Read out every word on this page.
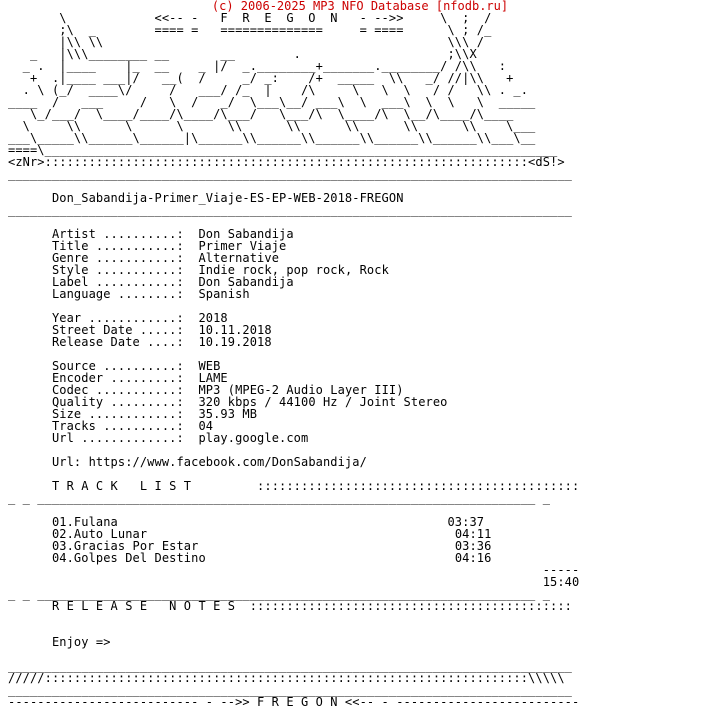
(c) 2006-2025 MP3 NFO Database [nfodb.ru]
\            <<-- -   F  R  E  G  O  N   - -->>     \  ;  /
;\  _        ==== =   ==============     = ====      \ ; /_
|\\ \\                                               \\\ /
_   |\\\________ __       __        .                    ;\\X
_ .  |____    |_  __    _ |/  _.________+_______.________/ /\\   :
+  .|____ ___|/   __(  /     _/ _:    /+  _____  \\   _/ //|\\   +
. \ (_/  ____\/     /   ___/ /_  |    /\     \   \  \   / /   \\ . _.
____  /   ___     /   \  /   _/  \___\__/ ___\  \  ___\  \  \   \  _____
\_/___/  \____/____/\____/\___/   \___/\  \____/\  \__/\____/\____
\     \\      \      \      \\      \\      \\      \\      \\    \___
___\_____\\______\______|\______\\______\\______\\______\\______\\___\__
====\______________________________________________________________________
<zNr>::::::::::::::::::::::::::::::::::::::::::::::::::::::::::::::::::<dS!>
_____________________________________________________________________________

Don_Sabandija-Primer_Viaje-ES-EP-WEB-2018-FREGON
_____________________________________________________________________________

Artist ..........: Don Sabandija
Title ...........: Primer Viaje
Genre ...........: Alternative
Style ...........: Indie rock, pop rock, Rock
Label ...........: Don Sabandija
Language ........: Spanish

Year ............: 2018
Street Date .....: 10.11.2018
Release Date ....: 10.19.2018

Source ..........: WEB
Encoder .........: LAME
Codec ...........: MP3 (MPEG-2 Audio Layer III)
Quality .........: 320 kbps / 44100 Hz / Joint Stereo
Size ............: 35.93 MB
Tracks ..........: 04
Url .............: play.google.com

Url: https://www.facebook.com/DonSabandija/

T R A C K   L I S T         ::::::::::::::::::::::::::::::::::::::::::::
_ _ ____________________________________________________________________ _

01.Fulana	03:37
02.Auto Lunar	04:11
03.Gracias Por Estar	03:36
04.Golpes Del Destino	04:16
-----
15:40
_ _ ____________________________________________________________________ _
R E L E A S E   N O T E S  ::::::::::::::::::::::::::::::::::::::::::::

Enjoy =>

_____________________________________________________________________________
/////::::::::::::::::::::::::::::::::::::::::::::::::::::::::::::::::::\\\\\
_____________________________________________________________________________
-------------------------- - -->> F R E G O N <<-- - -------------------------
